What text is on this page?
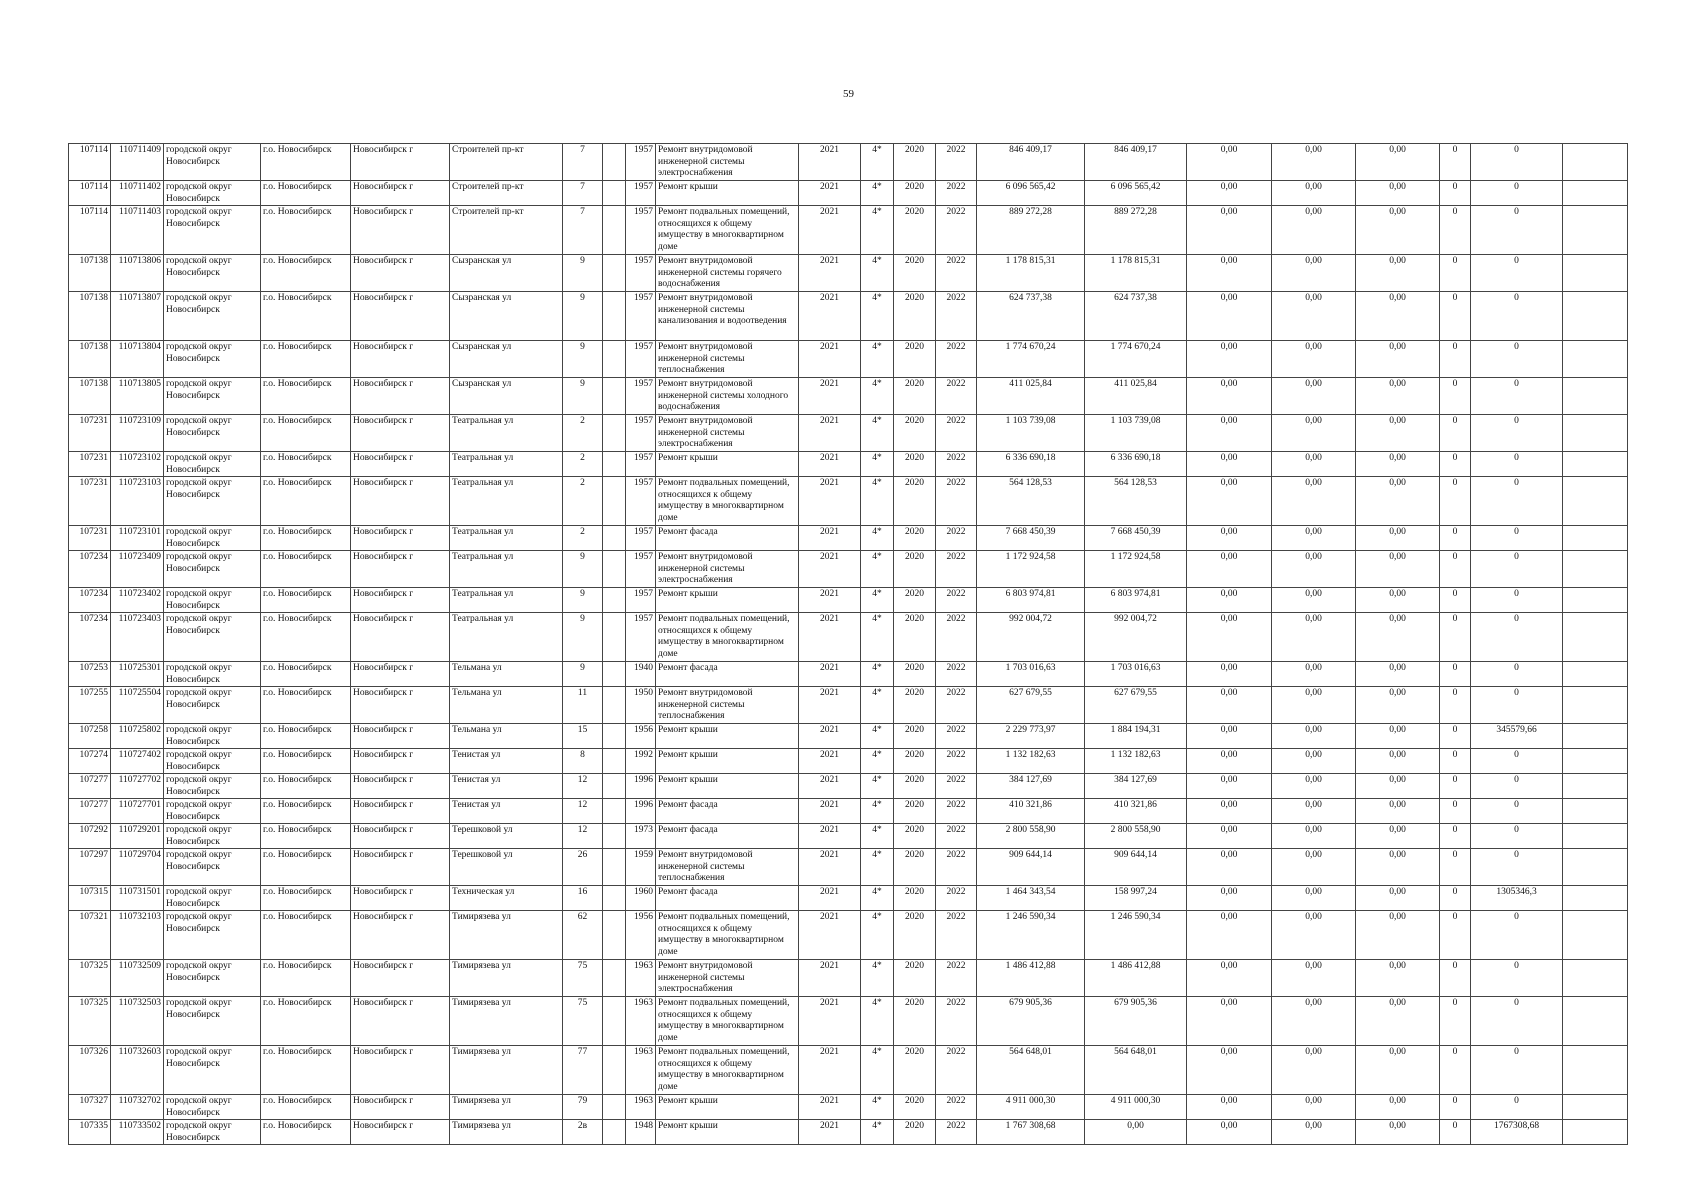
59
107114	110711409	городской округ Новосибирск	г.о. Новосибирск	Новосибирск г	Строителей пр-кт	7		1957	Ремонт внутридомовой инженерной системы электроснабжения	2021	4*	2020	2022	846 409,17	846 409,17	0,00	0,00	0,00	0	0	
107114	110711402	городской округ Новосибирск	г.о. Новосибирск	Новосибирск г	Строителей пр-кт	7		1957	Ремонт крыши	2021	4*	2020	2022	6 096 565,42	6 096 565,42	0,00	0,00	0,00	0	0	
107114	110711403	городской округ Новосибирск	г.о. Новосибирск	Новосибирск г	Строителей пр-кт	7		1957	Ремонт подвальных помещений, относящихся к общему имуществу в многоквартирном доме	2021	4*	2020	2022	889 272,28	889 272,28	0,00	0,00	0,00	0	0	
107138	110713806	городской округ Новосибирск	г.о. Новосибирск	Новосибирск г	Сызранская ул	9		1957	Ремонт внутридомовой инженерной системы горячего водоснабжения	2021	4*	2020	2022	1 178 815,31	1 178 815,31	0,00	0,00	0,00	0	0	
107138	110713807	городской округ Новосибирск	г.о. Новосибирск	Новосибирск г	Сызранская ул	9		1957	Ремонт внутридомовой инженерной системы канализования и водоотведения	2021	4*	2020	2022	624 737,38	624 737,38	0,00	0,00	0,00	0	0	
107138	110713804	городской округ Новосибирск	г.о. Новосибирск	Новосибирск г	Сызранская ул	9		1957	Ремонт внутридомовой инженерной системы теплоснабжения	2021	4*	2020	2022	1 774 670,24	1 774 670,24	0,00	0,00	0,00	0	0	
107138	110713805	городской округ Новосибирск	г.о. Новосибирск	Новосибирск г	Сызранская ул	9		1957	Ремонт внутридомовой инженерной системы холодного водоснабжения	2021	4*	2020	2022	411 025,84	411 025,84	0,00	0,00	0,00	0	0	
107231	110723109	городской округ Новосибирск	г.о. Новосибирск	Новосибирск г	Театральная ул	2		1957	Ремонт внутридомовой инженерной системы электроснабжения	2021	4*	2020	2022	1 103 739,08	1 103 739,08	0,00	0,00	0,00	0	0	
107231	110723102	городской округ Новосибирск	г.о. Новосибирск	Новосибирск г	Театральная ул	2		1957	Ремонт крыши	2021	4*	2020	2022	6 336 690,18	6 336 690,18	0,00	0,00	0,00	0	0	
107231	110723103	городской округ Новосибирск	г.о. Новосибирск	Новосибирск г	Театральная ул	2		1957	Ремонт подвальных помещений, относящихся к общему имуществу в многоквартирном доме	2021	4*	2020	2022	564 128,53	564 128,53	0,00	0,00	0,00	0	0	
107231	110723101	городской округ Новосибирск	г.о. Новосибирск	Новосибирск г	Театральная ул	2		1957	Ремонт фасада	2021	4*	2020	2022	7 668 450,39	7 668 450,39	0,00	0,00	0,00	0	0	
107234	110723409	городской округ Новосибирск	г.о. Новосибирск	Новосибирск г	Театральная ул	9		1957	Ремонт внутридомовой инженерной системы электроснабжения	2021	4*	2020	2022	1 172 924,58	1 172 924,58	0,00	0,00	0,00	0	0	
107234	110723402	городской округ Новосибирск	г.о. Новосибирск	Новосибирск г	Театральная ул	9		1957	Ремонт крыши	2021	4*	2020	2022	6 803 974,81	6 803 974,81	0,00	0,00	0,00	0	0	
107234	110723403	городской округ Новосибирск	г.о. Новосибирск	Новосибирск г	Театральная ул	9		1957	Ремонт подвальных помещений, относящихся к общему имуществу в многоквартирном доме	2021	4*	2020	2022	992 004,72	992 004,72	0,00	0,00	0,00	0	0	
107253	110725301	городской округ Новосибирск	г.о. Новосибирск	Новосибирск г	Тельмана ул	9		1940	Ремонт фасада	2021	4*	2020	2022	1 703 016,63	1 703 016,63	0,00	0,00	0,00	0	0	
107255	110725504	городской округ Новосибирск	г.о. Новосибирск	Новосибирск г	Тельмана ул	11		1950	Ремонт внутридомовой инженерной системы теплоснабжения	2021	4*	2020	2022	627 679,55	627 679,55	0,00	0,00	0,00	0	0	
107258	110725802	городской округ Новосибирск	г.о. Новосибирск	Новосибирск г	Тельмана ул	15		1956	Ремонт крыши	2021	4*	2020	2022	2 229 773,97	1 884 194,31	0,00	0,00	0,00	0	345579,66	
107274	110727402	городской округ Новосибирск	г.о. Новосибирск	Новосибирск г	Тенистая ул	8		1992	Ремонт крыши	2021	4*	2020	2022	1 132 182,63	1 132 182,63	0,00	0,00	0,00	0	0	
107277	110727702	городской округ Новосибирск	г.о. Новосибирск	Новосибирск г	Тенистая ул	12		1996	Ремонт крыши	2021	4*	2020	2022	384 127,69	384 127,69	0,00	0,00	0,00	0	0	
107277	110727701	городской округ Новосибирск	г.о. Новосибирск	Новосибирск г	Тенистая ул	12		1996	Ремонт фасада	2021	4*	2020	2022	410 321,86	410 321,86	0,00	0,00	0,00	0	0	
107292	110729201	городской округ Новосибирск	г.о. Новосибирск	Новосибирск г	Терешковой ул	12		1973	Ремонт фасада	2021	4*	2020	2022	2 800 558,90	2 800 558,90	0,00	0,00	0,00	0	0	
107297	110729704	городской округ Новосибирск	г.о. Новосибирск	Новосибирск г	Терешковой ул	26		1959	Ремонт внутридомовой инженерной системы теплоснабжения	2021	4*	2020	2022	909 644,14	909 644,14	0,00	0,00	0,00	0	0	
107315	110731501	городской округ Новосибирск	г.о. Новосибирск	Новосибирск г	Техническая ул	16		1960	Ремонт фасада	2021	4*	2020	2022	1 464 343,54	158 997,24	0,00	0,00	0,00	0	1305346,3	
107321	110732103	городской округ Новосибирск	г.о. Новосибирск	Новосибирск г	Тимирязева ул	62		1956	Ремонт подвальных помещений, относящихся к общему имуществу в многоквартирном доме	2021	4*	2020	2022	1 246 590,34	1 246 590,34	0,00	0,00	0,00	0	0	
107325	110732509	городской округ Новосибирск	г.о. Новосибирск	Новосибирск г	Тимирязева ул	75		1963	Ремонт внутридомовой инженерной системы электроснабжения	2021	4*	2020	2022	1 486 412,88	1 486 412,88	0,00	0,00	0,00	0	0	
107325	110732503	городской округ Новосибирск	г.о. Новосибирск	Новосибирск г	Тимирязева ул	75		1963	Ремонт подвальных помещений, относящихся к общему имуществу в многоквартирном доме	2021	4*	2020	2022	679 905,36	679 905,36	0,00	0,00	0,00	0	0	
107326	110732603	городской округ Новосибирск	г.о. Новосибирск	Новосибирск г	Тимирязева ул	77		1963	Ремонт подвальных помещений, относящихся к общему имуществу в многоквартирном доме	2021	4*	2020	2022	564 648,01	564 648,01	0,00	0,00	0,00	0	0	
107327	110732702	городской округ Новосибирск	г.о. Новосибирск	Новосибирск г	Тимирязева ул	79		1963	Ремонт крыши	2021	4*	2020	2022	4 911 000,30	4 911 000,30	0,00	0,00	0,00	0	0	
107335	110733502	городской округ Новосибирск	г.о. Новосибирск	Новосибирск г	Тимирязева ул	2в		1948	Ремонт крыши	2021	4*	2020	2022	1 767 308,68	0,00	0,00	0,00	0,00	0	1767308,68	
